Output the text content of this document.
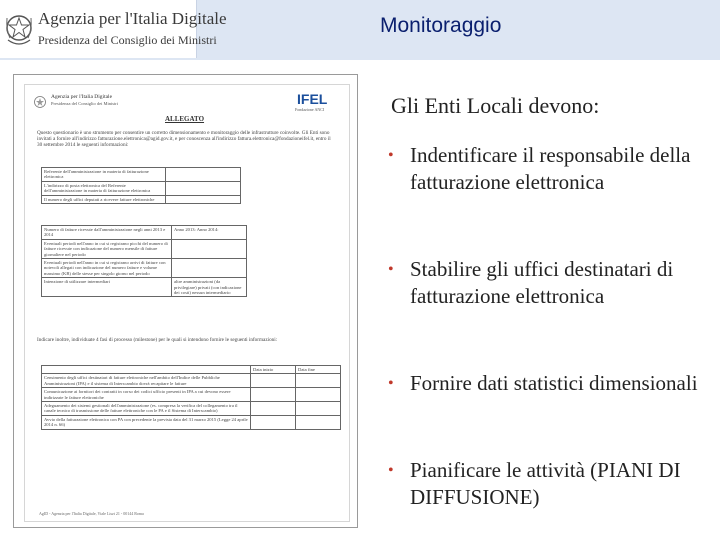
Agenzia per l'Italia Digitale
Presidenza del Consiglio dei Ministri
Monitoraggio
Agenzia per l'Italia Digitale
Presidenza del Consiglio dei Ministri	IFEL
Fondazione ANCI
ALLEGATO
Questo questionario è uno strumento per consentire un corretto dimensionamento e monitoraggio delle infrastrutture coinvolte. Gli Enti sono invitati a fornire all'indirizzo fatturazione.elettronica@agid.gov.it, e per conoscenza all'indirizzo fattura.elettronica@fondazioneifel.it, entro il 30 settembre 2014 le seguenti informazioni:
Referente dell'amministrazione in materia di fatturazione elettronica	
L'indirizzo di posta elettronica del Referente dell'amministrazione in materia di fatturazione elettronica	
Il numero degli uffici deputati a ricevere fatture elettroniche	
Numero di fatture ricevute dall'amministrazione negli anni 2013 e 2014	Anno 2013: Anno 2014:
Eventuali periodi nell'anno in cui si registrano picchi del numero di fatture ricevute con indicazione del numero mensile di fatture giornaliere nel periodo	
Eventuali periodi nell'anno in cui si registrano arrivi di fatture con notevoli allegati con indicazione del numero fatture e volume massimo (KB) delle stesse per singolo giorno nel periodo	
Intenzione di utilizzare intermediari	altre amministrazioni (da privilegiare) privati (con indicazione dei costi) nessun intermediario
Indicare inoltre, individuate 4 fasi di processo (milestone) per le quali si intendono fornire le seguenti informazioni:
	Data inizio	Data fine
Censimento degli uffici destinatari di fatture elettroniche nell'ambito dell'Indice delle Pubbliche Amministrazioni (IPA) e il sistema di Interscambio dovrà recapitare le fatture		
Comunicazione ai fornitori dei contratti in corso dei codici ufficio presenti in IPA a cui devono essere indirizzate le fatture elettroniche		
Adeguamento dei sistemi gestionali dell'amministrazione (es. compresa la verifica del collegamento tra il canale tecnico di trasmissione delle fatture elettroniche con le PA e il Sistema di Interscambio)		
Avvio della fatturazione elettronica con PA con precedente la prevista data del 31 marzo 2015 (Legge 24 aprile 2014 n. 66)		
AgID - Agenzia per l'Italia Digitale, Viale Liszt 21 - 00144 Roma
Gli Enti Locali devono:
• Indentificare il responsabile della fatturazione elettronica
• Stabilire gli uffici destinatari di fatturazione elettronica
• Fornire dati statistici dimensionali
• Pianificare le attività (PIANI DI DIFFUSIONE)
